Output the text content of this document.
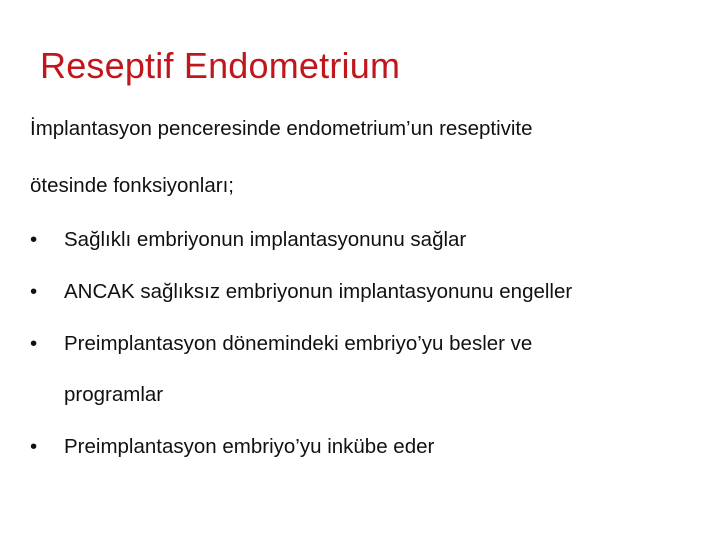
Reseptif Endometrium

İmplantasyon penceresinde endometrium’un reseptivite
ötesinde fonksiyonları;

•	Sağlıklı embriyonun implantasyonunu sağlar
•	ANCAK sağlıksız embriyonun implantasyonunu engeller
•	Preimplantasyon dönemindeki embriyo’yu besler ve
programlar
•	Preimplantasyon embriyo’yu inkübe eder
